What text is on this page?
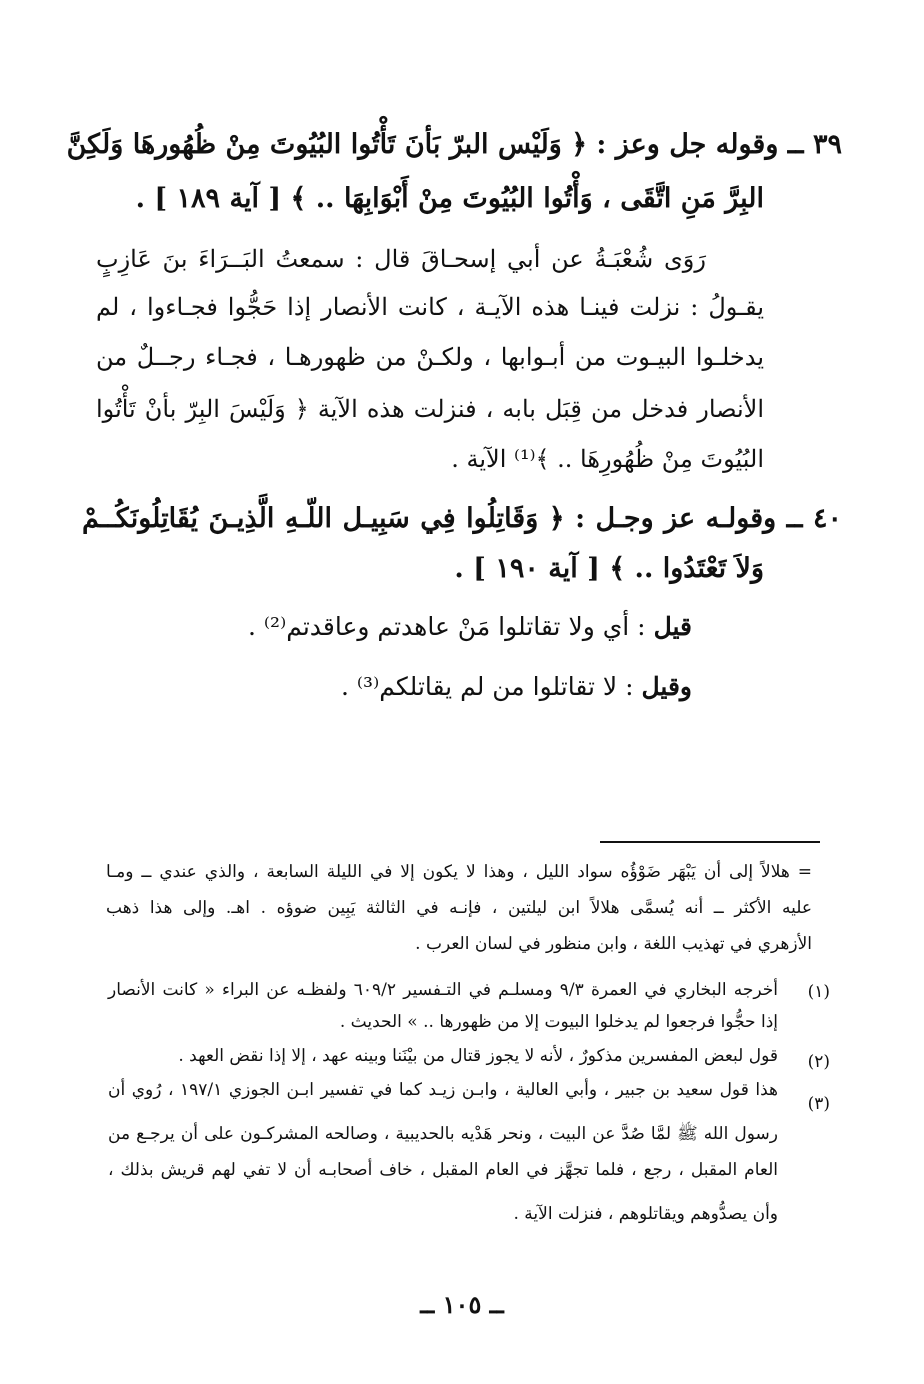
٣٩ ــ وقوله جل وعز : ﴿ وَلَيْس البرّ بَأنَ تَأْتُوا البُيُوتَ مِنْ ظُهُورهَا وَلَكِنَّ
البِرَّ مَنِ اتَّقَى ، وَأْتُوا البُيُوتَ مِنْ أَبْوَابِهَا .. ﴾ [ آية ١٨٩ ] .
رَوَى شُعْبَـةُ عن أبي إسحـاقَ قال : سمعتُ البَــرَاءَ بنَ عَازِبٍ
يقـولُ : نزلت فينـا هذه الآيـة ، كانت الأنصار إذا حَجُّوا فجـاءوا ، لم
يدخلـوا البيـوت من أبـوابها ، ولكـنْ من ظهورهـا ، فجـاء رجــلٌ من
الأنصار فدخل من قِبَل بابه ، فنزلت هذه الآية ﴿ وَلَيْسَ البِرّ بأنْ تَأْتُوا
البُيُوتَ مِنْ ظُهُورِهَا .. ﴾⁽¹⁾ الآية .
٤٠ ــ وقولـه عز وجـل : ﴿ وَقَاتِلُوا فِي سَبِيـل اللّـهِ الَّذِيـنَ يُقَاتِلُونَكُــمْ
وَلاَ تَعْتَدُوا .. ﴾ [ آية ١٩٠ ] .
قيل : أي ولا تقاتلوا مَنْ عاهدتم وعاقدتم⁽²⁾ .
وقيل : لا تقاتلوا من لم يقاتلكم⁽³⁾ .
= هلالاً إلى أن يَبْهَر ضَوْؤُه سواد الليل ، وهذا لا يكون إلا في الليلة السابعة ، والذي عندي ــ ومـا
عليه الأكثر ــ أنه يُسمَّى هلالاً ابن ليلتين ، فإنـه في الثالثة يَبِين ضوؤه . اهـ. وإلى هذا ذهب
الأزهري في تهذيب اللغة ، وابن منظور في لسان العرب .
(١)
أخرجه البخاري في العمرة ٩/٣ ومسلـم في التـفسير ٦٠٩/٢ ولفظـه عن البراء « كانت الأنصار
إذا حجُّوا فرجعوا لم يدخلوا البيوت إلا من ظهورها .. » الحديث .
(٢)
قول لبعض المفسرين مذكورٌ ، لأنه لا يجوز قتال من بيْنَنا وبينه عهد ، إلا إذا نقض العهد .
(٣)
هذا قول سعيد بن جبير ، وأبي العالية ، وابـن زيـد كما في تفسير ابـن الجوزي ١٩٧/١ ، رُوي أن
رسول الله ﷺ لمَّا صُدَّ عن البيت ، ونحر هَدْيه بالحديبية ، وصالحه المشركـون على أن يرجـع من
العام المقبل ، رجع ، فلما تجهَّز في العام المقبل ، خاف أصحابـه أن لا تفي لهم قريش بذلك ،
وأن يصدُّوهم ويقاتلوهم ، فنزلت الآية .
ــ ١٠٥ ــ
